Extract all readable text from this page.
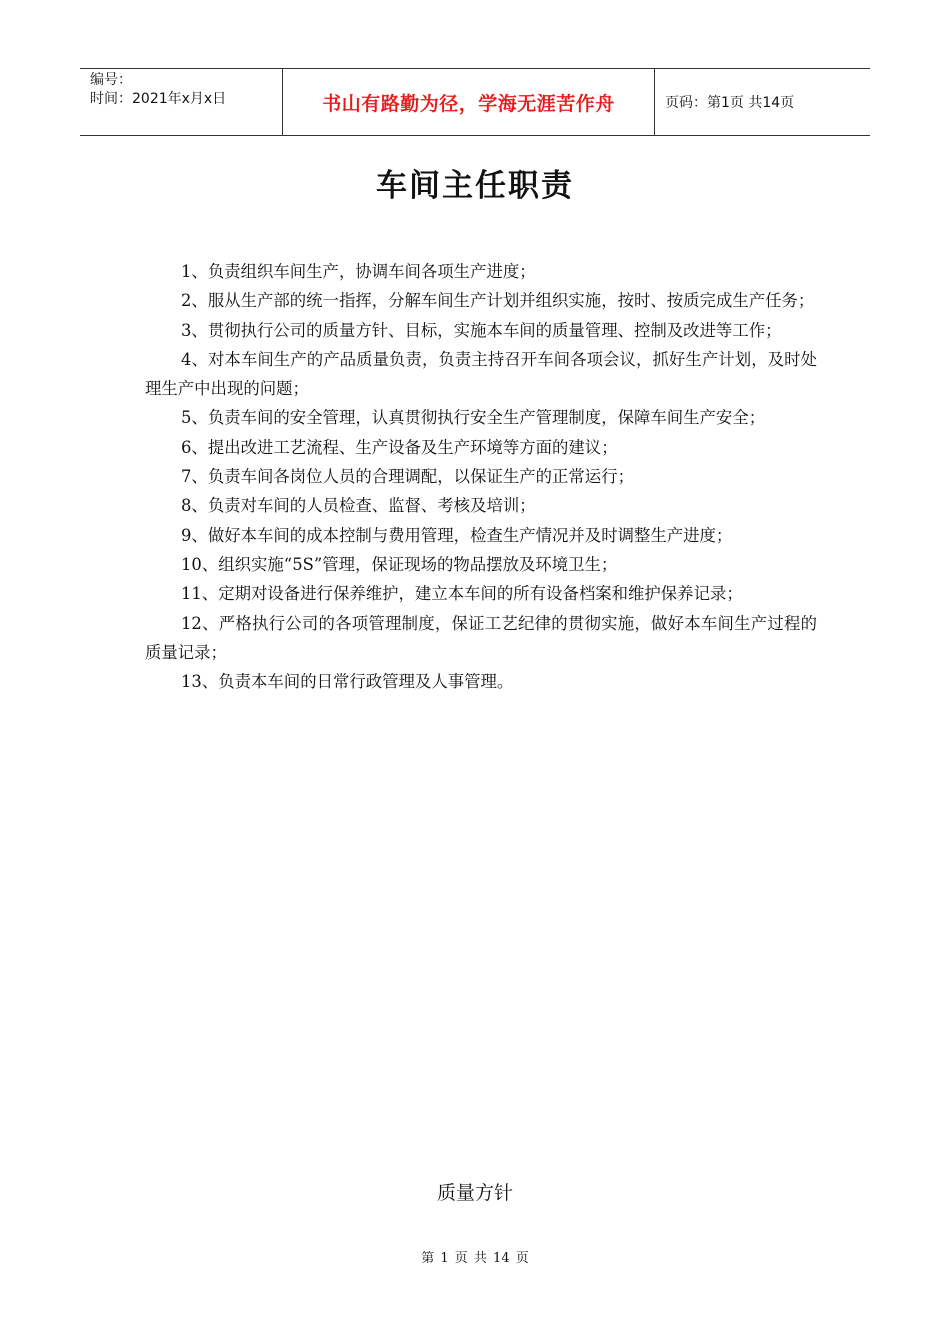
编号：
时间：2021年x月x日	书山有路勤为径，学海无涯苦作舟	页码：第1页 共14页
车间主任职责
1、负责组织车间生产，协调车间各项生产进度；
2、服从生产部的统一指挥，分解车间生产计划并组织实施，按时、按质完成生产任务；
3、贯彻执行公司的质量方针、目标，实施本车间的质量管理、控制及改进等工作；
4、对本车间生产的产品质量负责，负责主持召开车间各项会议，抓好生产计划，及时处理生产中出现的问题；
5、负责车间的安全管理，认真贯彻执行安全生产管理制度，保障车间生产安全；
6、提出改进工艺流程、生产设备及生产环境等方面的建议；
7、负责车间各岗位人员的合理调配，以保证生产的正常运行；
8、负责对车间的人员检查、监督、考核及培训；
9、做好本车间的成本控制与费用管理，检查生产情况并及时调整生产进度；
10、组织实施“5S”管理，保证现场的物品摆放及环境卫生；
11、定期对设备进行保养维护，建立本车间的所有设备档案和维护保养记录；
12、严格执行公司的各项管理制度，保证工艺纪律的贯彻实施，做好本车间生产过程的质量记录；
13、负责本车间的日常行政管理及人事管理。
质量方针
第 1 页 共 14 页
